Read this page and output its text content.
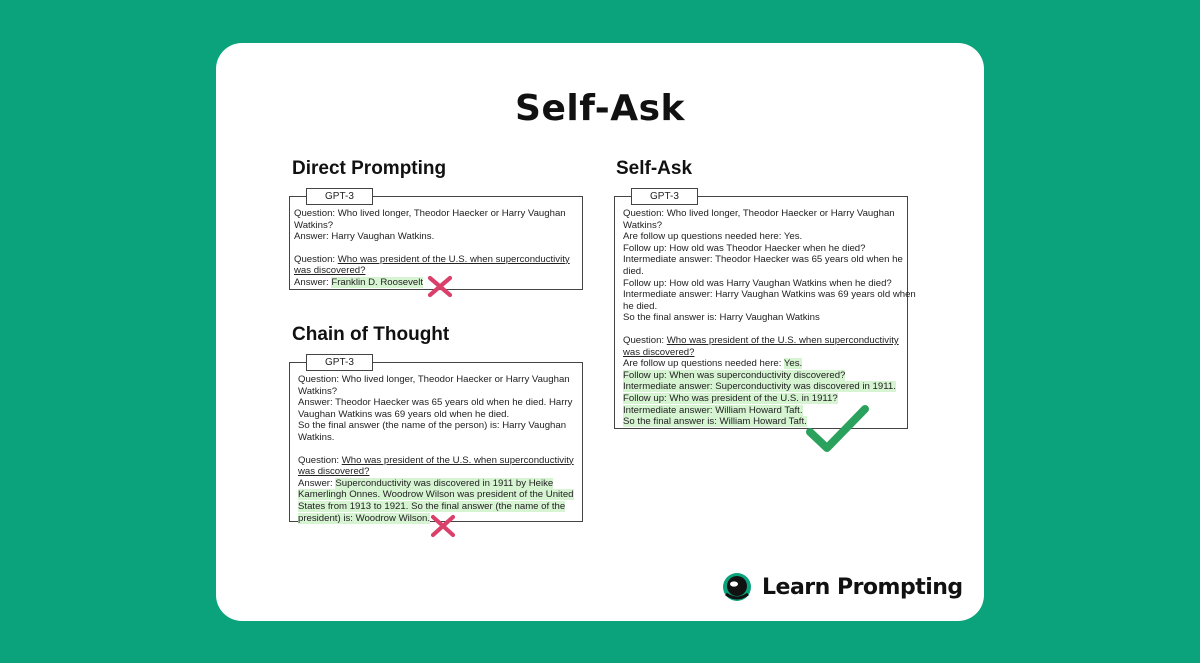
Self-Ask
Direct Prompting
GPT-3
Question: Who lived longer, Theodor Haecker or Harry Vaughan
Watkins?
Answer: Harry Vaughan Watkins.
Question: Who was president of the U.S. when superconductivity
was discovered?
Answer: Franklin D. Roosevelt
Chain of Thought
GPT-3
Question: Who lived longer, Theodor Haecker or Harry Vaughan
Watkins?
Answer: Theodor Haecker was 65 years old when he died. Harry
Vaughan Watkins was 69 years old when he died.
So the final answer (the name of the person) is: Harry Vaughan
Watkins.
Question: Who was president of the U.S. when superconductivity
was discovered?
Answer: Superconductivity was discovered in 1911 by Heike
Kamerlingh Onnes. Woodrow Wilson was president of the United
States from 1913 to 1921. So the final answer (the name of the
president) is: Woodrow Wilson.
Self-Ask
GPT-3
Question: Who lived longer, Theodor Haecker or Harry Vaughan
Watkins?
Are follow up questions needed here: Yes.
Follow up: How old was Theodor Haecker when he died?
Intermediate answer: Theodor Haecker was 65 years old when he
died.
Follow up: How old was Harry Vaughan Watkins when he died?
Intermediate answer: Harry Vaughan Watkins was 69 years old when
he died.
So the final answer is: Harry Vaughan Watkins
Question: Who was president of the U.S. when superconductivity
was discovered?
Are follow up questions needed here: Yes.
Follow up: When was superconductivity discovered?
Intermediate answer: Superconductivity was discovered in 1911.
Follow up: Who was president of the U.S. in 1911?
Intermediate answer: William Howard Taft.
So the final answer is: William Howard Taft.
Learn Prompting
